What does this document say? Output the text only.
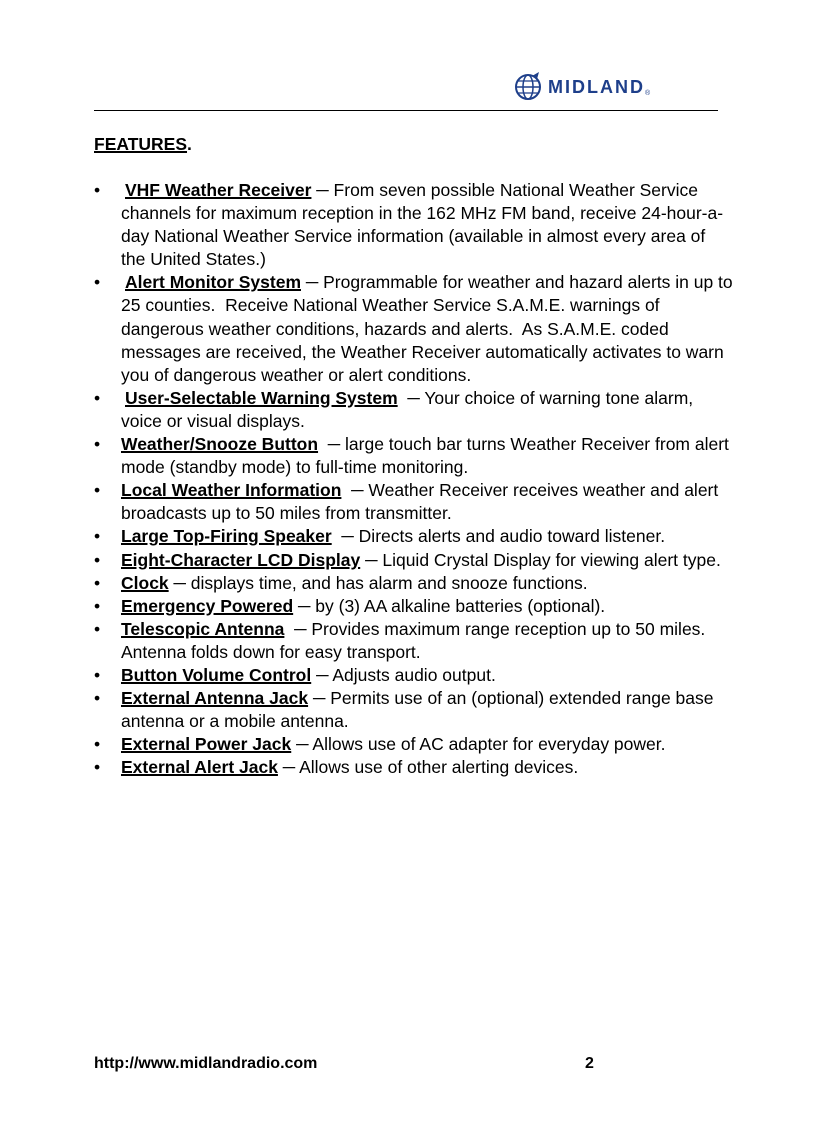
MIDLAND ®
FEATURES.
•	VHF Weather Receiver ─ From seven possible National Weather Service channels for maximum reception in the 162 MHz FM band, receive 24-hour-a-day National Weather Service information (available in almost every area of the United States.)
•	Alert Monitor System ─ Programmable for weather and hazard alerts in up to 25 counties.  Receive National Weather Service S.A.M.E. warnings of dangerous weather conditions, hazards and alerts.  As S.A.M.E. coded messages are received, the Weather Receiver automatically activates to warn you of dangerous weather or alert conditions.
•	User-Selectable Warning System  ─ Your choice of warning tone alarm, voice or visual displays.
•	Weather/Snooze Button  ─ large touch bar turns Weather Receiver from alert mode (standby mode) to full-time monitoring.
•	Local Weather Information  ─ Weather Receiver receives weather and alert broadcasts up to 50 miles from transmitter.
•	Large Top-Firing Speaker  ─ Directs alerts and audio toward listener.
•	Eight-Character LCD Display ─ Liquid Crystal Display for viewing alert type.
•	Clock ─ displays time, and has alarm and snooze functions.
•	Emergency Powered ─ by (3) AA alkaline batteries (optional).
•	Telescopic Antenna  ─ Provides maximum range reception up to 50 miles.  Antenna folds down for easy transport.
•	Button Volume Control ─ Adjusts audio output.
•	External Antenna Jack ─ Permits use of an (optional) extended range base antenna or a mobile antenna.
•	External Power Jack ─ Allows use of AC adapter for everyday power.
•	External Alert Jack ─ Allows use of other alerting devices.
http://www.midlandradio.com	2
